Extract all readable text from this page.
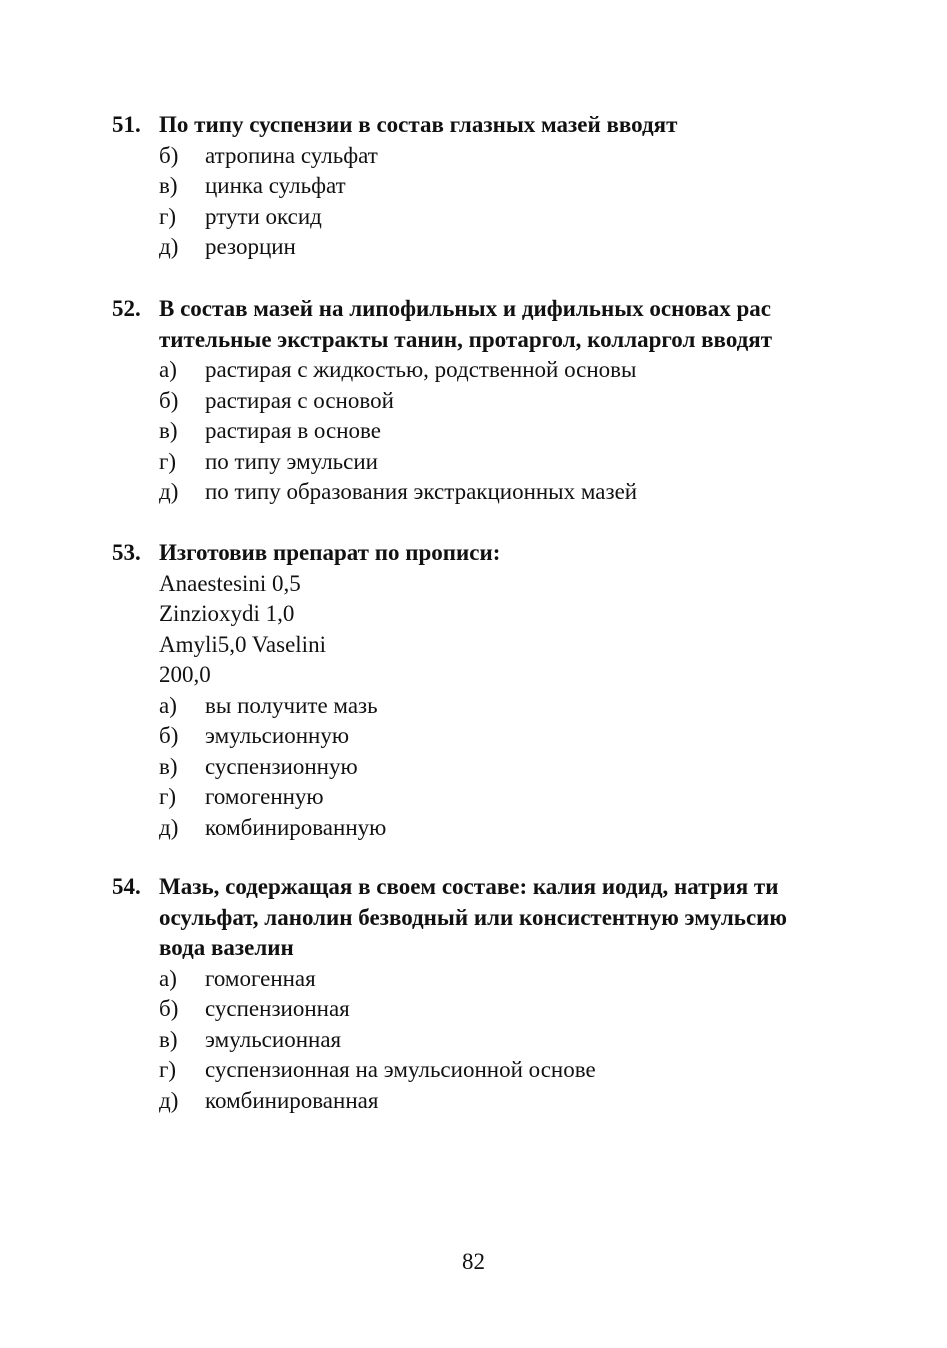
51. По типу суспензии в состав глазных мазей вводят
б)	атропина сульфат
в)	цинка сульфат
г)	ртути оксид
д)	резорцин
52. В состав мазей на липофильных и дифильных основах рас
тительные экстракты танин, протаргол, колларгол вводят
а)	растирая с жидкостью, родственной основы
б)	растирая с основой
в)	растирая в основе
г)	по типу эмульсии
д)	по типу образования экстракционных мазей
53. Изготовив препарат по прописи:
Anaestesini 0,5
Zinzioxydi 1,0
Amyli5,0 Vaselini
200,0
а)	вы получите мазь
б)	эмульсионную
в)	суспензионную
г)	гомогенную
д)	комбинированную
54. Мазь, содержащая в своем составе: калия иодид, натрия ти
осульфат, ланолин безводный или консистентную эмульсию
вода вазелин
а)	гомогенная
б)	суспензионная
в)	эмульсионная
г)	суспензионная на эмульсионной основе
д)	комбинированная
82
